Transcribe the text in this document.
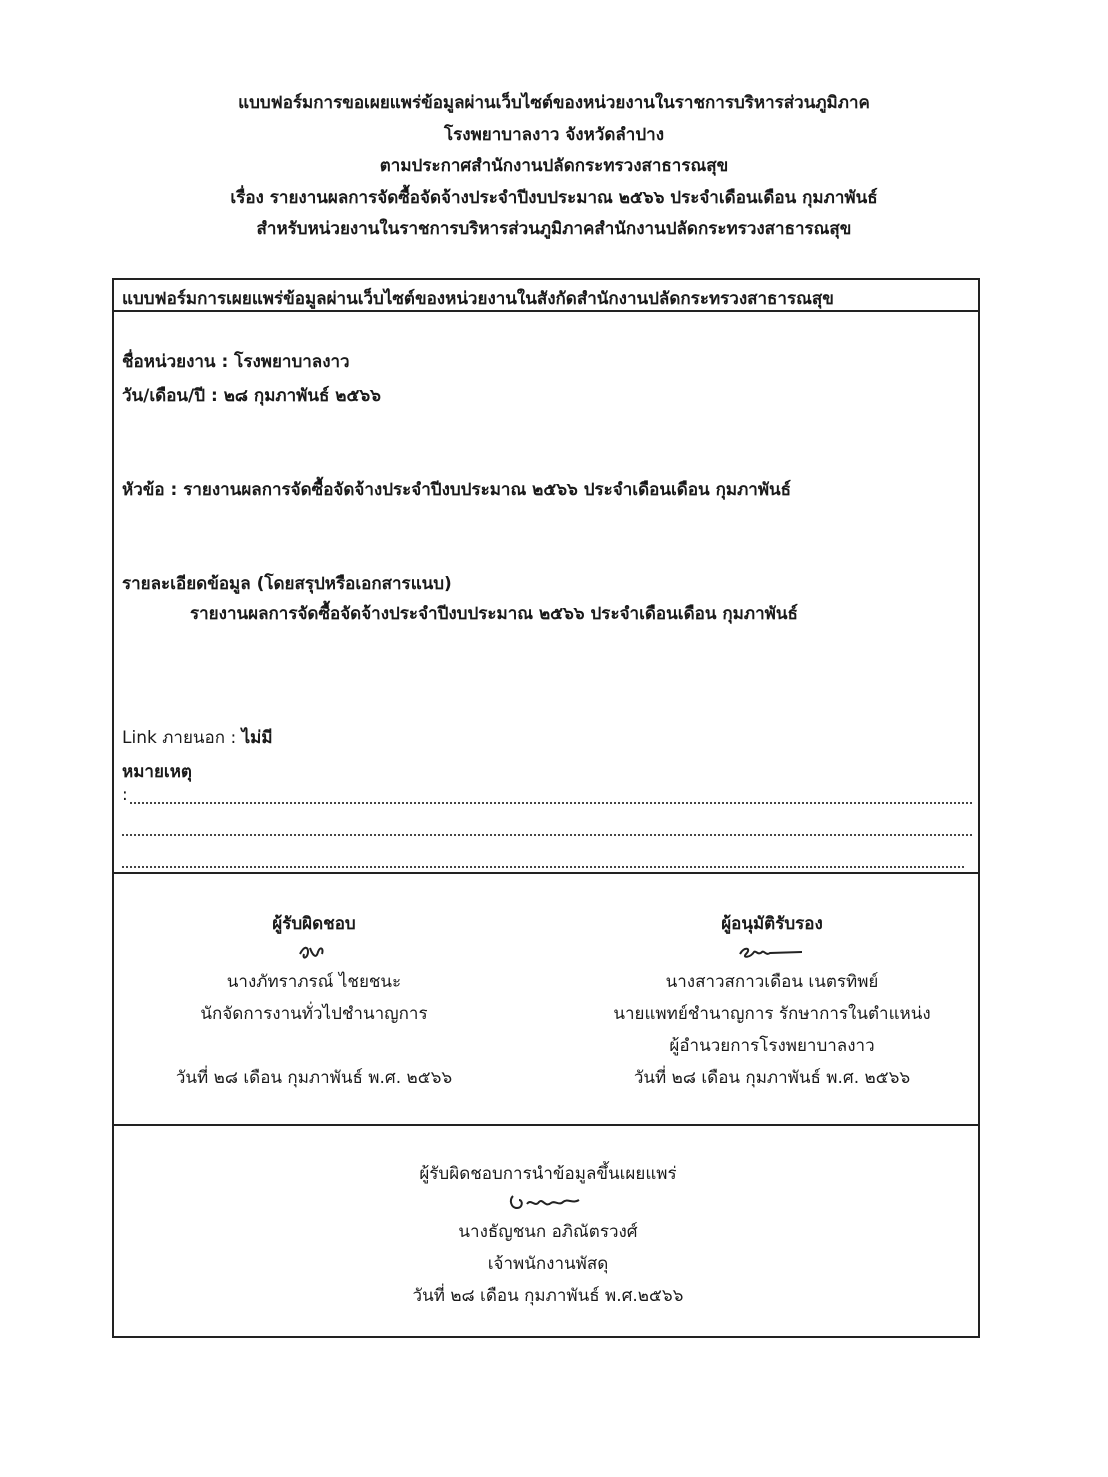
แบบฟอร์มการขอเผยแพร่ข้อมูลผ่านเว็บไซต์ของหน่วยงานในราชการบริหารส่วนภูมิภาค
โรงพยาบาลงาว จังหวัดลำปาง
ตามประกาศสำนักงานปลัดกระทรวงสาธารณสุข
เรื่อง รายงานผลการจัดซื้อจัดจ้างประจำปีงบประมาณ ๒๕๖๖ ประจำเดือนเดือน กุมภาพันธ์
สำหรับหน่วยงานในราชการบริหารส่วนภูมิภาคสำนักงานปลัดกระทรวงสาธารณสุข
แบบฟอร์มการเผยแพร่ข้อมูลผ่านเว็บไซต์ของหน่วยงานในสังกัดสำนักงานปลัดกระทรวงสาธารณสุข
ชื่อหน่วยงาน : โรงพยาบาลงาว
วัน/เดือน/ปี : ๒๘ กุมภาพันธ์ ๒๕๖๖
หัวข้อ : รายงานผลการจัดซื้อจัดจ้างประจำปีงบประมาณ ๒๕๖๖ ประจำเดือนเดือน กุมภาพันธ์
รายละเอียดข้อมูล (โดยสรุปหรือเอกสารแนบ)
รายงานผลการจัดซื้อจัดจ้างประจำปีงบประมาณ ๒๕๖๖ ประจำเดือนเดือน กุมภาพันธ์
Link ภายนอก : ไม่มี
หมายเหตุ
:
ผู้รับผิดชอบ
นางภัทราภรณ์ ไชยชนะ
นักจัดการงานทั่วไปชำนาญการ
วันที่ ๒๘ เดือน กุมภาพันธ์ พ.ศ. ๒๕๖๖
ผู้อนุมัติรับรอง
นางสาวสกาวเดือน เนตรทิพย์
นายแพทย์ชำนาญการ รักษาการในตำแหน่ง
ผู้อำนวยการโรงพยาบาลงาว
วันที่ ๒๘ เดือน กุมภาพันธ์ พ.ศ. ๒๕๖๖
ผู้รับผิดชอบการนำข้อมูลขึ้นเผยแพร่
นางธัญชนก อภิณัตรวงศ์
เจ้าพนักงานพัสดุ
วันที่ ๒๘ เดือน กุมภาพันธ์ พ.ศ.๒๕๖๖
